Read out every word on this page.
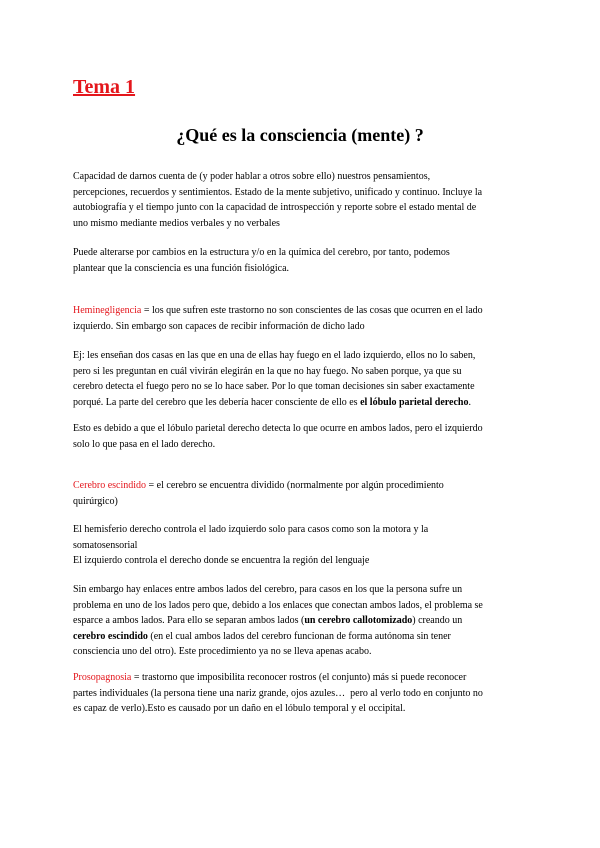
Tema 1
¿Qué es la consciencia (mente) ?
Capacidad de darnos cuenta de (y poder hablar a otros sobre ello) nuestros pensamientos,
percepciones, recuerdos y sentimientos. Estado de la mente subjetivo, unificado y continuo. Incluye la
autobiografía y el tiempo junto con la capacidad de introspección y reporte sobre el estado mental de
uno mismo mediante medios verbales y no verbales
Puede alterarse por cambios en la estructura y/o en la química del cerebro, por tanto, podemos
plantear que la consciencia es una función fisiológica.
Heminegligencia = los que sufren este trastorno no son conscientes de las cosas que ocurren en el lado
izquierdo. Sin embargo son capaces de recibir información de dicho lado
Ej: les enseñan dos casas en las que en una de ellas hay fuego en el lado izquierdo, ellos no lo saben,
pero si les preguntan en cuál vivirán elegirán en la que no hay fuego. No saben porque, ya que su
cerebro detecta el fuego pero no se lo hace saber. Por lo que toman decisiones sin saber exactamente
porqué. La parte del cerebro que les debería hacer consciente de ello es el lóbulo parietal derecho.
Esto es debido a que el lóbulo parietal derecho detecta lo que ocurre en ambos lados, pero el izquierdo
solo lo que pasa en el lado derecho.
Cerebro escindido = el cerebro se encuentra dividido (normalmente por algún procedimiento
quirúrgico)
El hemisferio derecho controla el lado izquierdo solo para casos como son la motora y la
somatosensorial
El izquierdo controla el derecho donde se encuentra la región del lenguaje
Sin embargo hay enlaces entre ambos lados del cerebro, para casos en los que la persona sufre un
problema en uno de los lados pero que, debido a los enlaces que conectan ambos lados, el problema se
esparce a ambos lados. Para ello se separan ambos lados (un cerebro callotomizado) creando un
cerebro escindido (en el cual ambos lados del cerebro funcionan de forma autónoma sin tener
consciencia uno del otro). Este procedimiento ya no se lleva apenas acabo.
Prosopagnosia = trastorno que imposibilita reconocer rostros (el conjunto) más si puede reconocer
partes individuales (la persona tiene una nariz grande, ojos azules…  pero al verlo todo en conjunto no
es capaz de verlo).Esto es causado por un daño en el lóbulo temporal y el occipital.
